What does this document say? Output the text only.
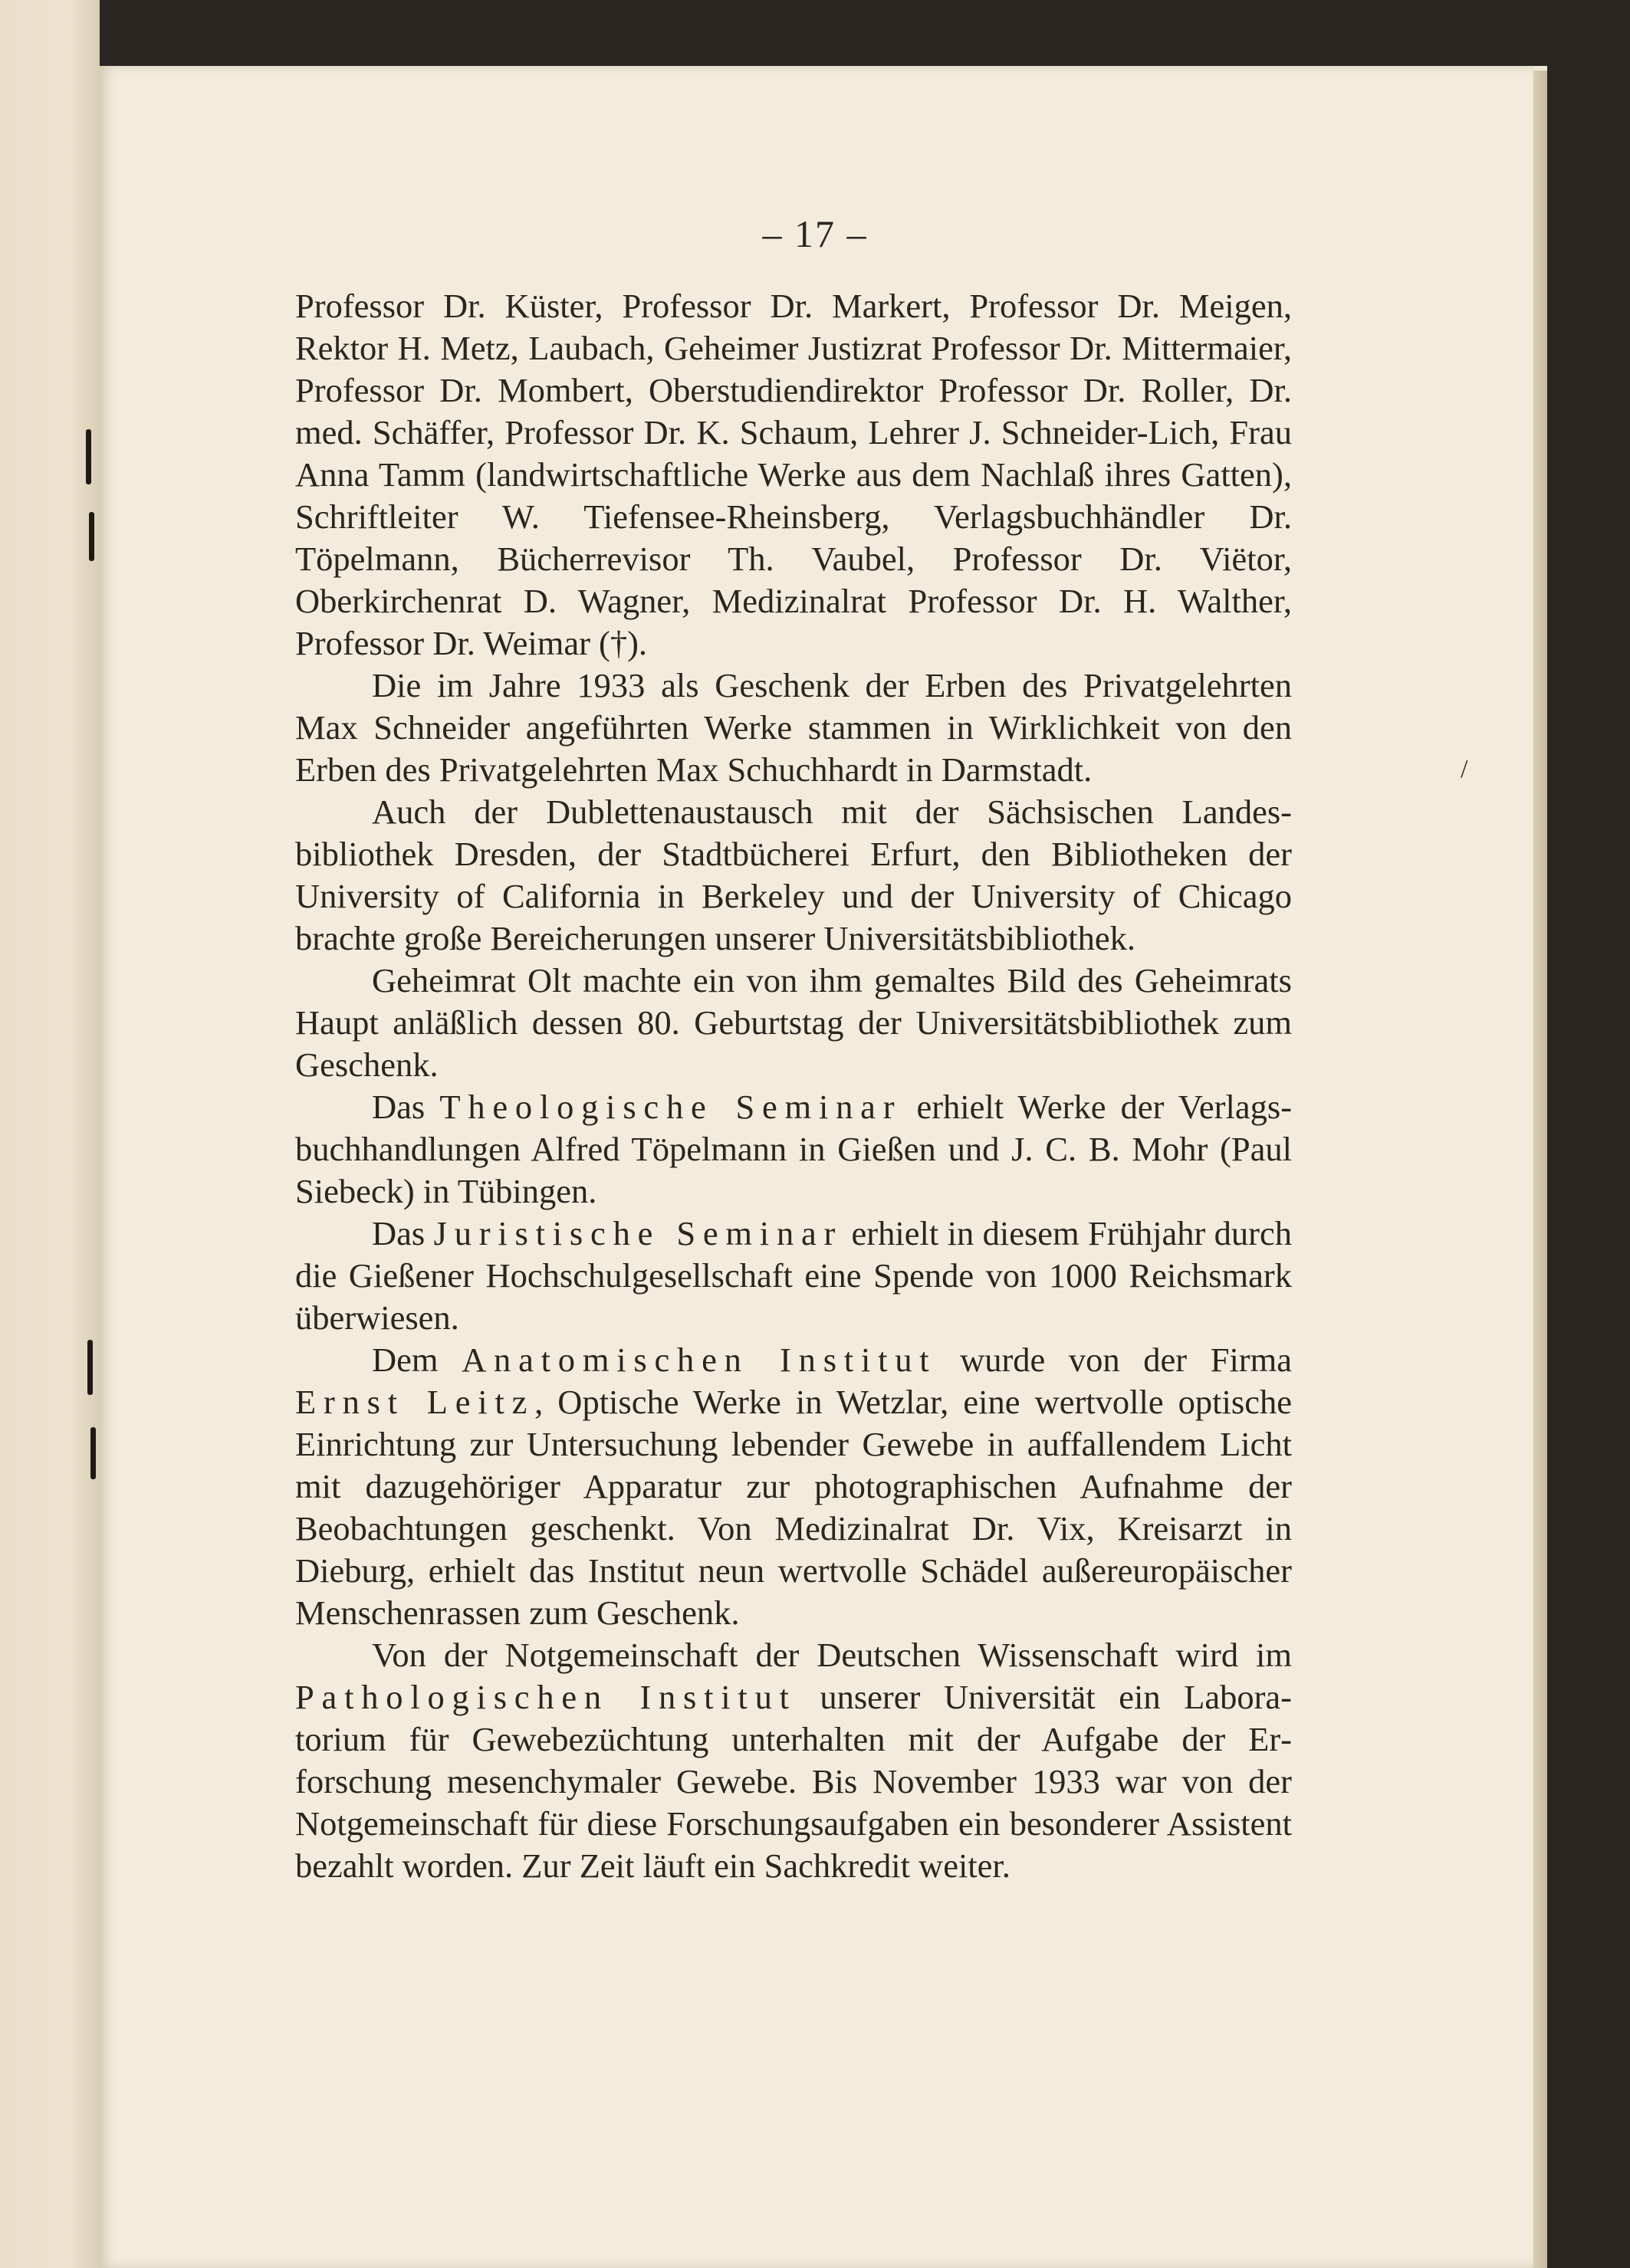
/
– 17 –

Professor Dr. Küster, Professor Dr. Markert, Professor Dr. Meigen, Rektor H. Metz, Laubach, Geheimer Justizrat Professor Dr. Mittermaier, Professor Dr. Mombert, Oberstudiendirektor Professor Dr. Roller, Dr. med. Schäffer, Professor Dr. K. Schaum, Lehrer J. Schneider-Lich, Frau Anna Tamm (landwirtschaftliche Werke aus dem Nachlaß ihres Gatten), Schriftleiter W. Tiefensee-Rheinsberg, Verlagsbuchhändler Dr. Töpelmann, Bücherrevisor Th. Vaubel, Professor Dr. Viëtor, Oberkirchenrat D. Wagner, Medizinalrat Professor Dr. H. Walther, Professor Dr. Weimar (†).

Die im Jahre 1933 als Geschenk der Erben des Privatgelehrten Max Schneider angeführten Werke stammen in Wirklichkeit von den Erben des Privatgelehrten Max Schuchhardt in Darmstadt.

Auch der Dublettenaustausch mit der Sächsischen Landesbibliothek Dresden, der Stadtbücherei Erfurt, den Bibliotheken der University of California in Berkeley und der University of Chicago brachte große Bereicherungen unserer Universitätsbibliothek.

Geheimrat Olt machte ein von ihm gemaltes Bild des Geheimrats Haupt anläßlich dessen 80. Geburtstag der Universitätsbibliothek zum Geschenk.

Das Theologische Seminar erhielt Werke der Verlagsbuchhandlungen Alfred Töpelmann in Gießen und J. C. B. Mohr (Paul Siebeck) in Tübingen.

Das Juristische Seminar erhielt in diesem Frühjahr durch die Gießener Hochschulgesellschaft eine Spende von 1000 Reichsmark überwiesen.

Dem Anatomischen Institut wurde von der Firma Ernst Leitz, Optische Werke in Wetzlar, eine wertvolle optische Einrichtung zur Untersuchung lebender Gewebe in auffallendem Licht mit dazugehöriger Apparatur zur photographischen Aufnahme der Beobachtungen geschenkt. Von Medizinalrat Dr. Vix, Kreisarzt in Dieburg, erhielt das Institut neun wertvolle Schädel außereuropäischer Menschenrassen zum Geschenk.

Von der Notgemeinschaft der Deutschen Wissenschaft wird im Pathologischen Institut unserer Universität ein Laboratorium für Gewebezüchtung unterhalten mit der Aufgabe der Erforschung mesenchymaler Gewebe. Bis November 1933 war von der Notgemeinschaft für diese Forschungsaufgaben ein besonderer Assistent bezahlt worden. Zur Zeit läuft ein Sachkredit weiter.
